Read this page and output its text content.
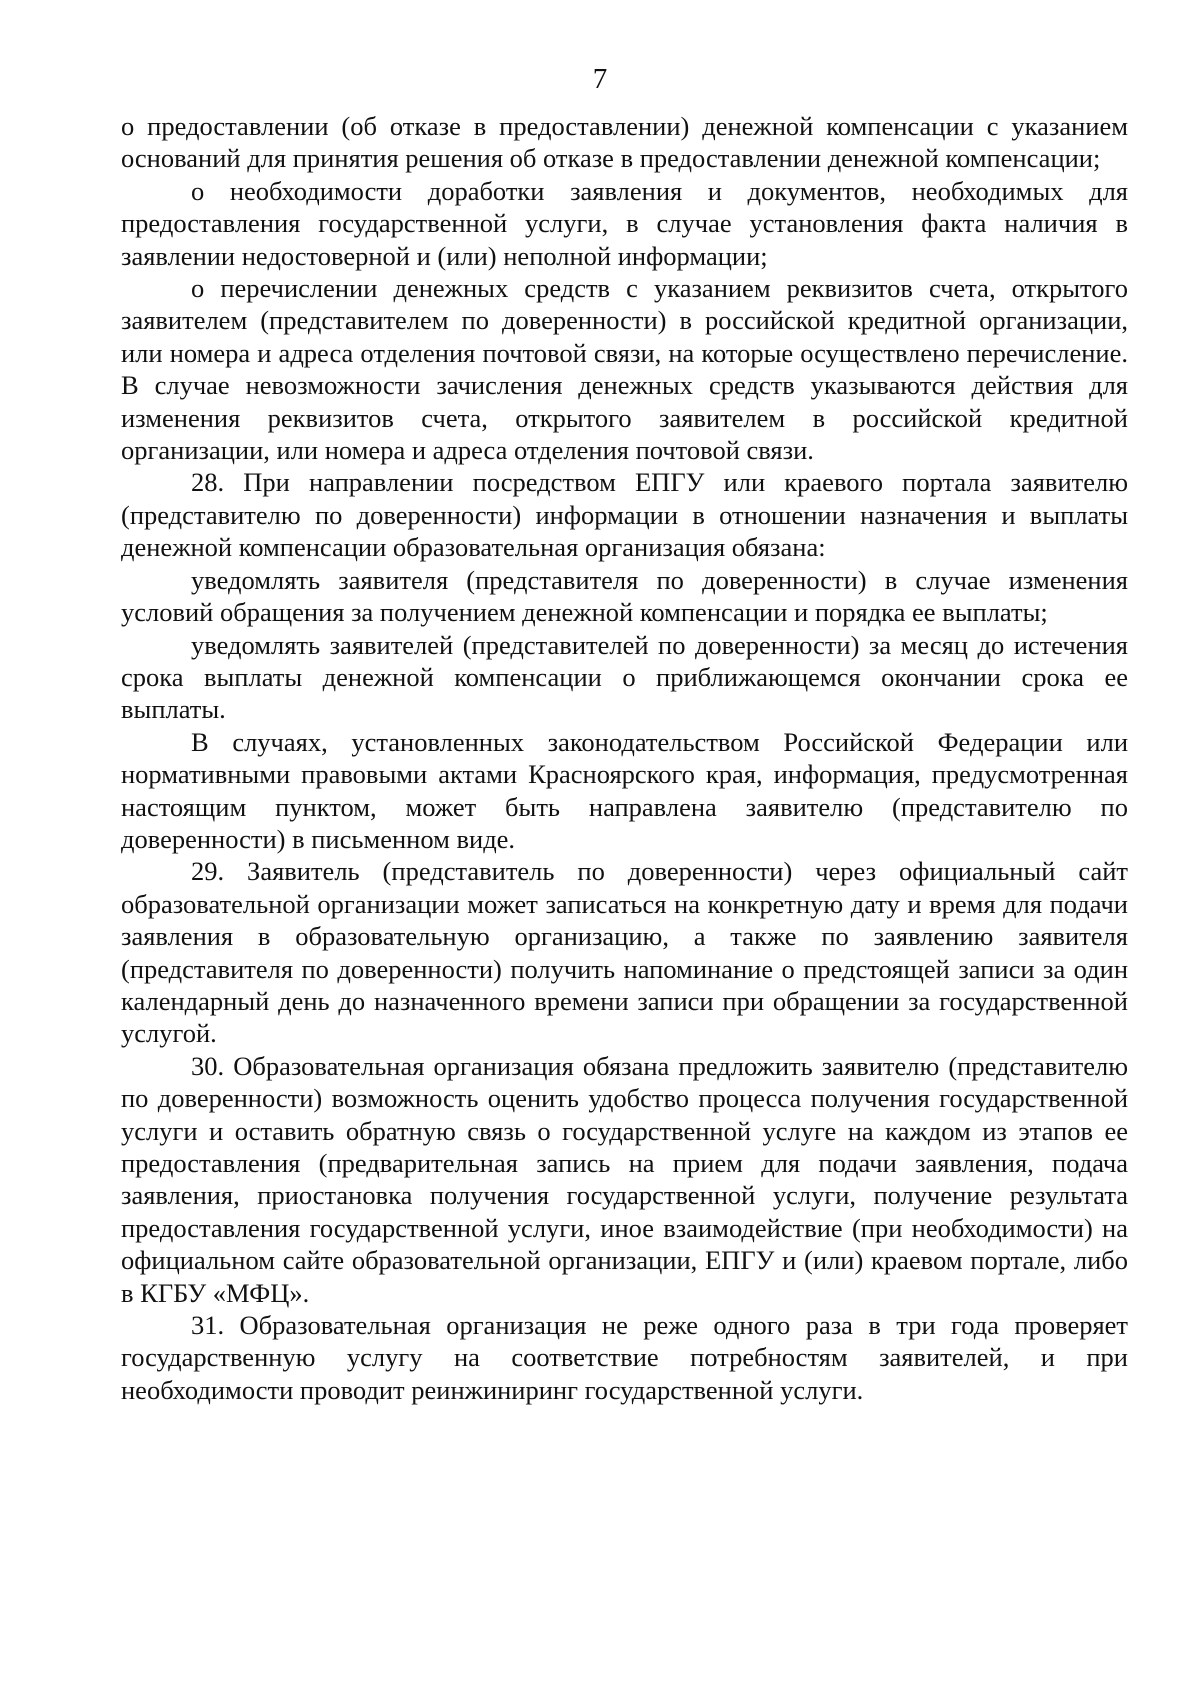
7

о предоставлении (об отказе в предоставлении) денежной компенсации с указанием оснований для принятия решения об отказе в предоставлении денежной компенсации;

о необходимости доработки заявления и документов, необходимых для предоставления государственной услуги, в случае установления факта наличия в заявлении недостоверной и (или) неполной информации;

о перечислении денежных средств с указанием реквизитов счета, открытого заявителем (представителем по доверенности) в российской кредитной организации, или номера и адреса отделения почтовой связи, на которые осуществлено перечисление. В случае невозможности зачисления денежных средств указываются действия для изменения реквизитов счета, открытого заявителем в российской кредитной организации, или номера и адреса отделения почтовой связи.

28. При направлении посредством ЕПГУ или краевого портала заявителю (представителю по доверенности) информации в отношении назначения и выплаты денежной компенсации образовательная организация обязана:

уведомлять заявителя (представителя по доверенности) в случае изменения условий обращения за получением денежной компенсации и порядка ее выплаты;

уведомлять заявителей (представителей по доверенности) за месяц до истечения срока выплаты денежной компенсации о приближающемся окончании срока ее выплаты.

В случаях, установленных законодательством Российской Федерации или нормативными правовыми актами Красноярского края, информация, предусмотренная настоящим пунктом, может быть направлена заявителю (представителю по доверенности) в письменном виде.

29. Заявитель (представитель по доверенности) через официальный сайт образовательной организации может записаться на конкретную дату и время для подачи заявления в образовательную организацию, а также по заявлению заявителя (представителя по доверенности) получить напоминание о предстоящей записи за один календарный день до назначенного времени записи при обращении за государственной услугой.

30. Образовательная организация обязана предложить заявителю (представителю по доверенности) возможность оценить удобство процесса получения государственной услуги и оставить обратную связь о государственной услуге на каждом из этапов ее предоставления (предварительная запись на прием для подачи заявления, подача заявления, приостановка получения государственной услуги, получение результата предоставления государственной услуги, иное взаимодействие (при необходимости) на официальном сайте образовательной организации, ЕПГУ и (или) краевом портале, либо в КГБУ «МФЦ».

31. Образовательная организация не реже одного раза в три года проверяет государственную услугу на соответствие потребностям заявителей, и при необходимости проводит реинжиниринг государственной услуги.
